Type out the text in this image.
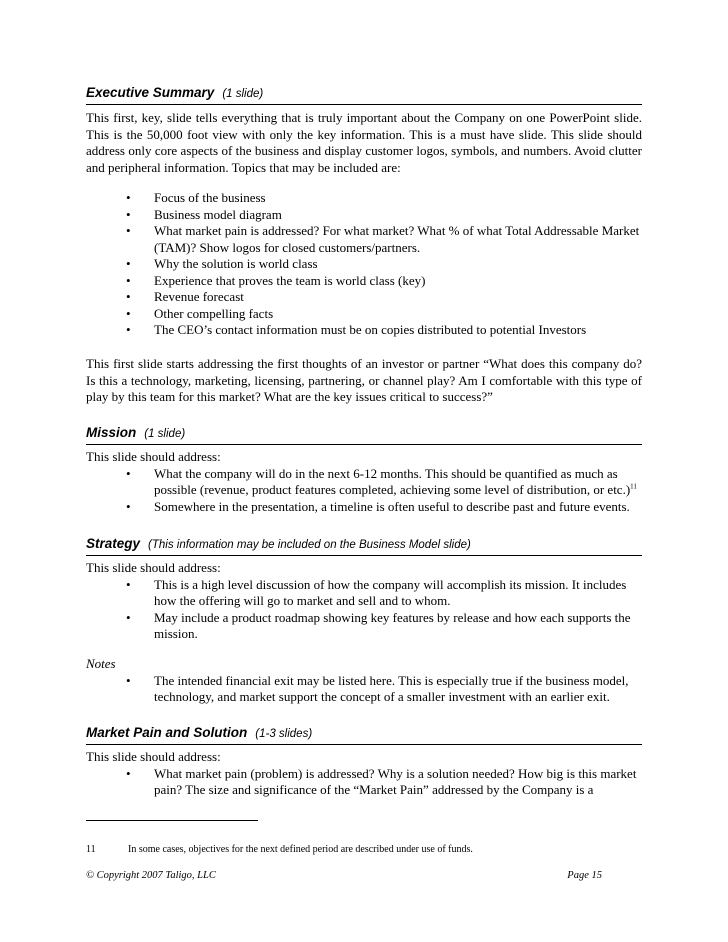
Executive Summary (1 slide)

This first, key, slide tells everything that is truly important about the Company on one PowerPoint slide. This is the 50,000 foot view with only the key information. This is a must have slide. This slide should address only core aspects of the business and display customer logos, symbols, and numbers. Avoid clutter and peripheral information. Topics that may be included are:

• Focus of the business
• Business model diagram
• What market pain is addressed? For what market? What % of what Total Addressable Market (TAM)? Show logos for closed customers/partners.
• Why the solution is world class
• Experience that proves the team is world class (key)
• Revenue forecast
• Other compelling facts
• The CEO’s contact information must be on copies distributed to potential Investors

This first slide starts addressing the first thoughts of an investor or partner “What does this company do? Is this a technology, marketing, licensing, partnering, or channel play? Am I comfortable with this type of play by this team for this market? What are the key issues critical to success?”

Mission (1 slide)

This slide should address:

• What the company will do in the next 6-12 months. This should be quantified as much as possible (revenue, product features completed, achieving some level of distribution, or etc.)$^{11}$
• Somewhere in the presentation, a timeline is often useful to describe past and future events.
Strategy (This information may be included on the Business Model slide)

This slide should address:

• This is a high level discussion of how the company will accomplish its mission. It includes how the offering will go to market and sell and to whom.
• May include a product roadmap showing key features by release and how each supports the mission.

Notes

• The intended financial exit may be listed here. This is especially true if the business model, technology, and market support the concept of a smaller investment with an earlier exit.
Market Pain and Solution (1-3 slides)

This slide should address:

• What market pain (problem) is addressed? Why is a solution needed? How big is this market pain? The size and significance of the “Market Pain” addressed by the Company is a
11	In some cases, objectives for the next defined period are described under use of funds.
© Copyright 2007 Taligo, LLC	Page 15
